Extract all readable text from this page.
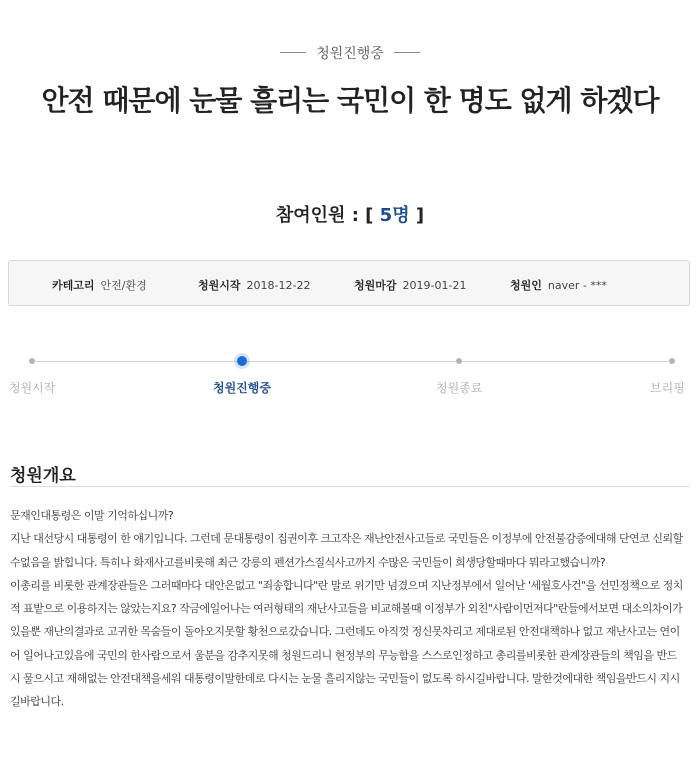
청원진행중
안전 때문에 눈물 흘리는 국민이 한 명도 없게 하겠다
참여인원 : [ 5명 ]
카테고리 안전/환경	청원시작 2018-12-22	청원마감 2019-01-21	청원인 naver - ***
청원시작	청원진행중	청원종료	브리핑
청원개요

문재인대통령은 이말 기억하십니까?

지난 대선당시 대통령이 한 얘기입니다. 그런데 문대통령이 집권이후 크고작은 재난안전사고들로 국민들은 이정부에 안전불감증에대해 단연코 신뢰할수없음을 밝힙니다. 특히나 화재사고를비롯해 최근 강릉의 펜션가스질식사고까지 수많은 국민들이 희생당할때마다 뭐라고했습니까?

이총리를 비롯한 관계장관들은 그러때마다 대안은없고 "죄송합니다"란 말로 위기만 넘겼으며 지난정부에서 일어난 '세월호사건"을 선민정책으로 정치적 표밭으로 이용하지는 않았는지요? 작금에일어나는 여러형태의 재난사고들을 비교해볼때 이정부가 외친"사람이먼저다"란들에서보면 대소의차이가 있을뿐 재난의결과로 고귀한 목숨들이 돌아오지못할 황천으로갔습니다. 그런데도 아직껏 정신못차리고 제대로된 안전대책하나 없고 재난사고는 연이어 일어나고있음에 국민의 한사람으로서 울분을 감추지못해 청원드리니 현정부의 무능함을 스스로인정하고 총리를비롯한 관계장관들의 책임을 반드시 물으시고 재해없는 안전대책을세워 대통령이말한데로 다시는 눈물 흘리지않는 국민들이 없도록 하시길바랍니다. 말한것에대한 책임을반드시 지시길바랍니다.
